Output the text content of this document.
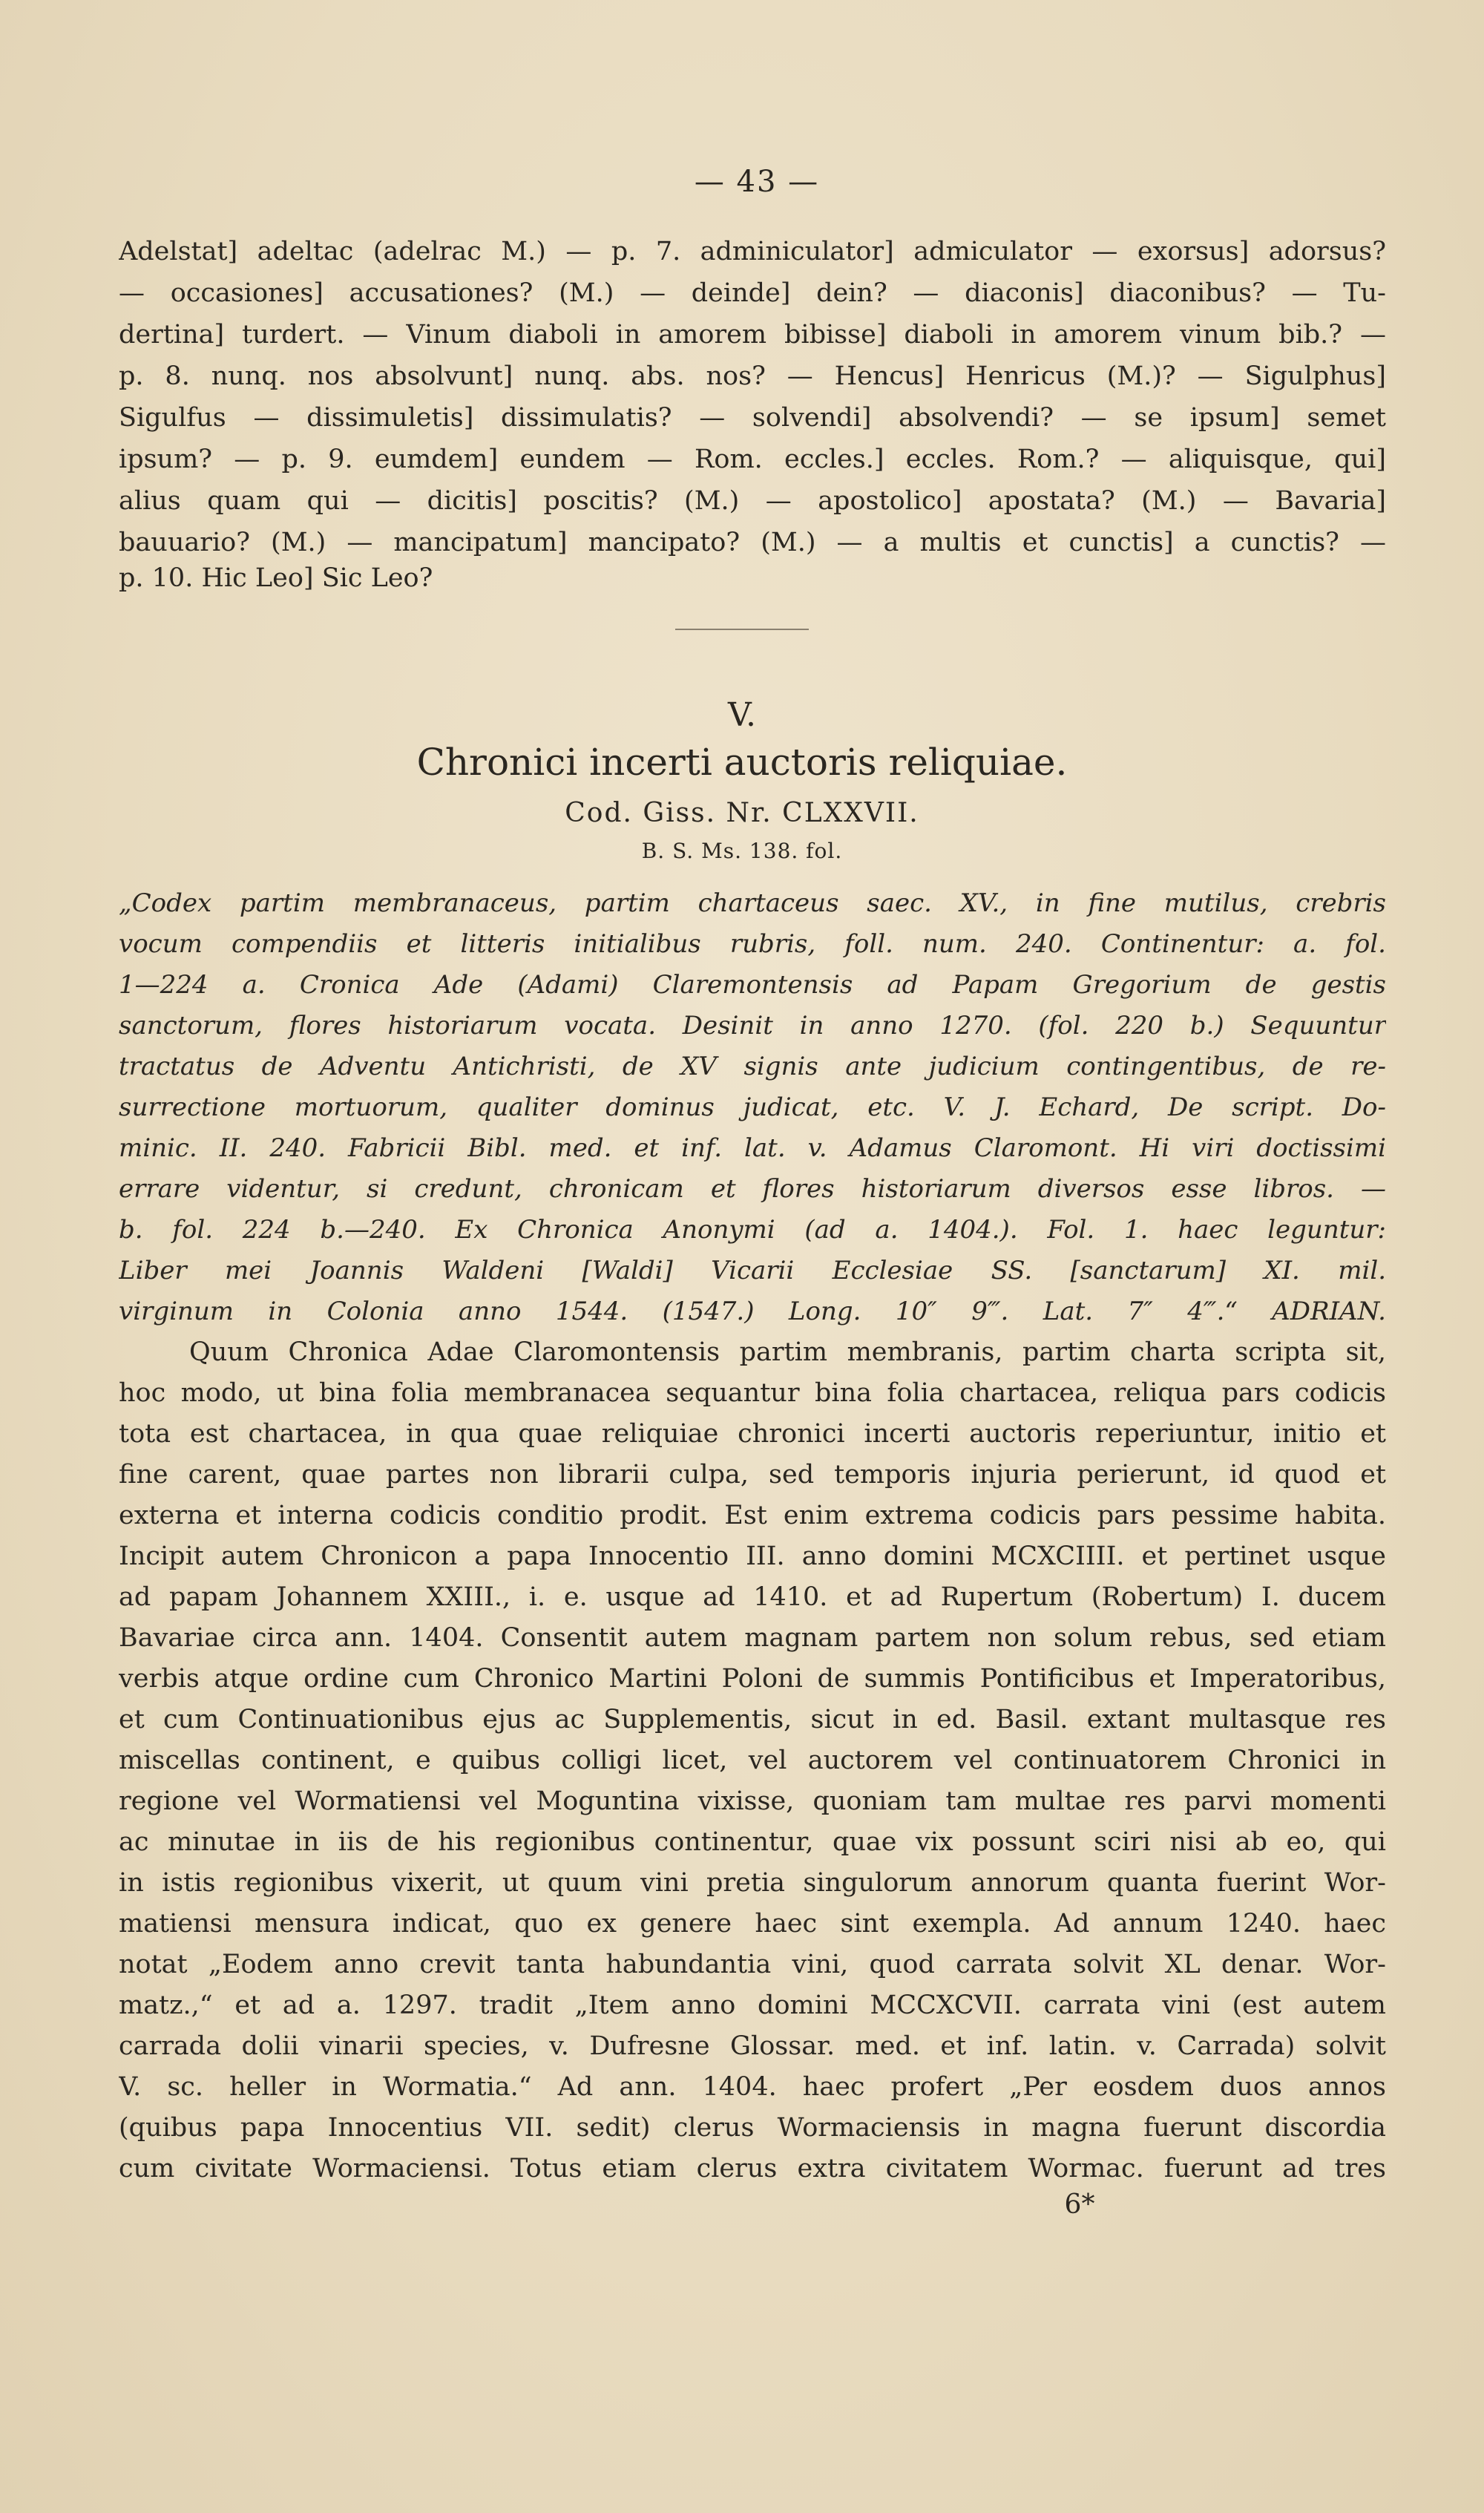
— 43 —
Adelstat] adeltac (adelrac M.) — p. 7. adminiculator] admiculator — exorsus] adorsus?
— occasiones] accusationes? (M.) — deinde] dein? — diaconis] diaconibus? — Tu-
dertina] turdert. — Vinum diaboli in amorem bibisse] diaboli in amorem vinum bib.? —
p. 8. nunq. nos absolvunt] nunq. abs. nos? — Hencus] Henricus (M.)? — Sigulphus]
Sigulfus — dissimuletis] dissimulatis? — solvendi] absolvendi? — se ipsum] semet
ipsum? — p. 9. eumdem] eundem — Rom. eccles.] eccles. Rom.? — aliquisque, qui]
alius quam qui — dicitis] poscitis? (M.) — apostolico] apostata? (M.) — Bavaria]
bauuario? (M.) — mancipatum] mancipato? (M.) — a multis et cunctis] a cunctis? —
p. 10. Hic Leo] Sic Leo?
V.
Chronici incerti auctoris reliquiae.
Cod. Giss. Nr. CLXXVII.
B. S. Ms. 138. fol.
„Codex partim membranaceus, partim chartaceus saec. XV., in fine mutilus, crebris
vocum compendiis et litteris initialibus rubris, foll. num. 240. Continentur: a. fol.
1—224 a. Cronica Ade (Adami) Claremontensis ad Papam Gregorium de gestis
sanctorum, flores historiarum vocata. Desinit in anno 1270. (fol. 220 b.) Sequuntur
tractatus de Adventu Antichristi, de XV signis ante judicium contingentibus, de re-
surrectione mortuorum, qualiter dominus judicat, etc. V. J. Echard, De script. Do-
minic. II. 240. Fabricii Bibl. med. et inf. lat. v. Adamus Claromont. Hi viri doctissimi
errare videntur, si credunt, chronicam et flores historiarum diversos esse libros. —
b. fol. 224 b.—240. Ex Chronica Anonymi (ad a. 1404.). Fol. 1. haec leguntur:
Liber mei Joannis Waldeni [Waldi] Vicarii Ecclesiae SS. [sanctarum] XI. mil.
virginum in Colonia anno 1544. (1547.) Long. 10″ 9‴. Lat. 7″ 4‴.“ ADRIAN.
Quum Chronica Adae Claromontensis partim membranis, partim charta scripta sit,
hoc modo, ut bina folia membranacea sequantur bina folia chartacea, reliqua pars codicis
tota est chartacea, in qua quae reliquiae chronici incerti auctoris reperiuntur, initio et
fine carent, quae partes non librarii culpa, sed temporis injuria perierunt, id quod et
externa et interna codicis conditio prodit. Est enim extrema codicis pars pessime habita.
Incipit autem Chronicon a papa Innocentio III. anno domini MCXCIIII. et pertinet usque
ad papam Johannem XXIII., i. e. usque ad 1410. et ad Rupertum (Robertum) I. ducem
Bavariae circa ann. 1404. Consentit autem magnam partem non solum rebus, sed etiam
verbis atque ordine cum Chronico Martini Poloni de summis Pontificibus et Imperatoribus,
et cum Continuationibus ejus ac Supplementis, sicut in ed. Basil. extant multasque res
miscellas continent, e quibus colligi licet, vel auctorem vel continuatorem Chronici in
regione vel Wormatiensi vel Moguntina vixisse, quoniam tam multae res parvi momenti
ac minutae in iis de his regionibus continentur, quae vix possunt sciri nisi ab eo, qui
in istis regionibus vixerit, ut quum vini pretia singulorum annorum quanta fuerint Wor-
matiensi mensura indicat, quo ex genere haec sint exempla. Ad annum 1240. haec
notat „Eodem anno crevit tanta habundantia vini, quod carrata solvit XL denar. Wor-
matz.,“ et ad a. 1297. tradit „Item anno domini MCCXCVII. carrata vini (est autem
carrada dolii vinarii species, v. Dufresne Glossar. med. et inf. latin. v. Carrada) solvit
V. sc. heller in Wormatia.“ Ad ann. 1404. haec profert „Per eosdem duos annos
(quibus papa Innocentius VII. sedit) clerus Wormaciensis in magna fuerunt discordia
cum civitate Wormaciensi. Totus etiam clerus extra civitatem Wormac. fuerunt ad tres
6*
